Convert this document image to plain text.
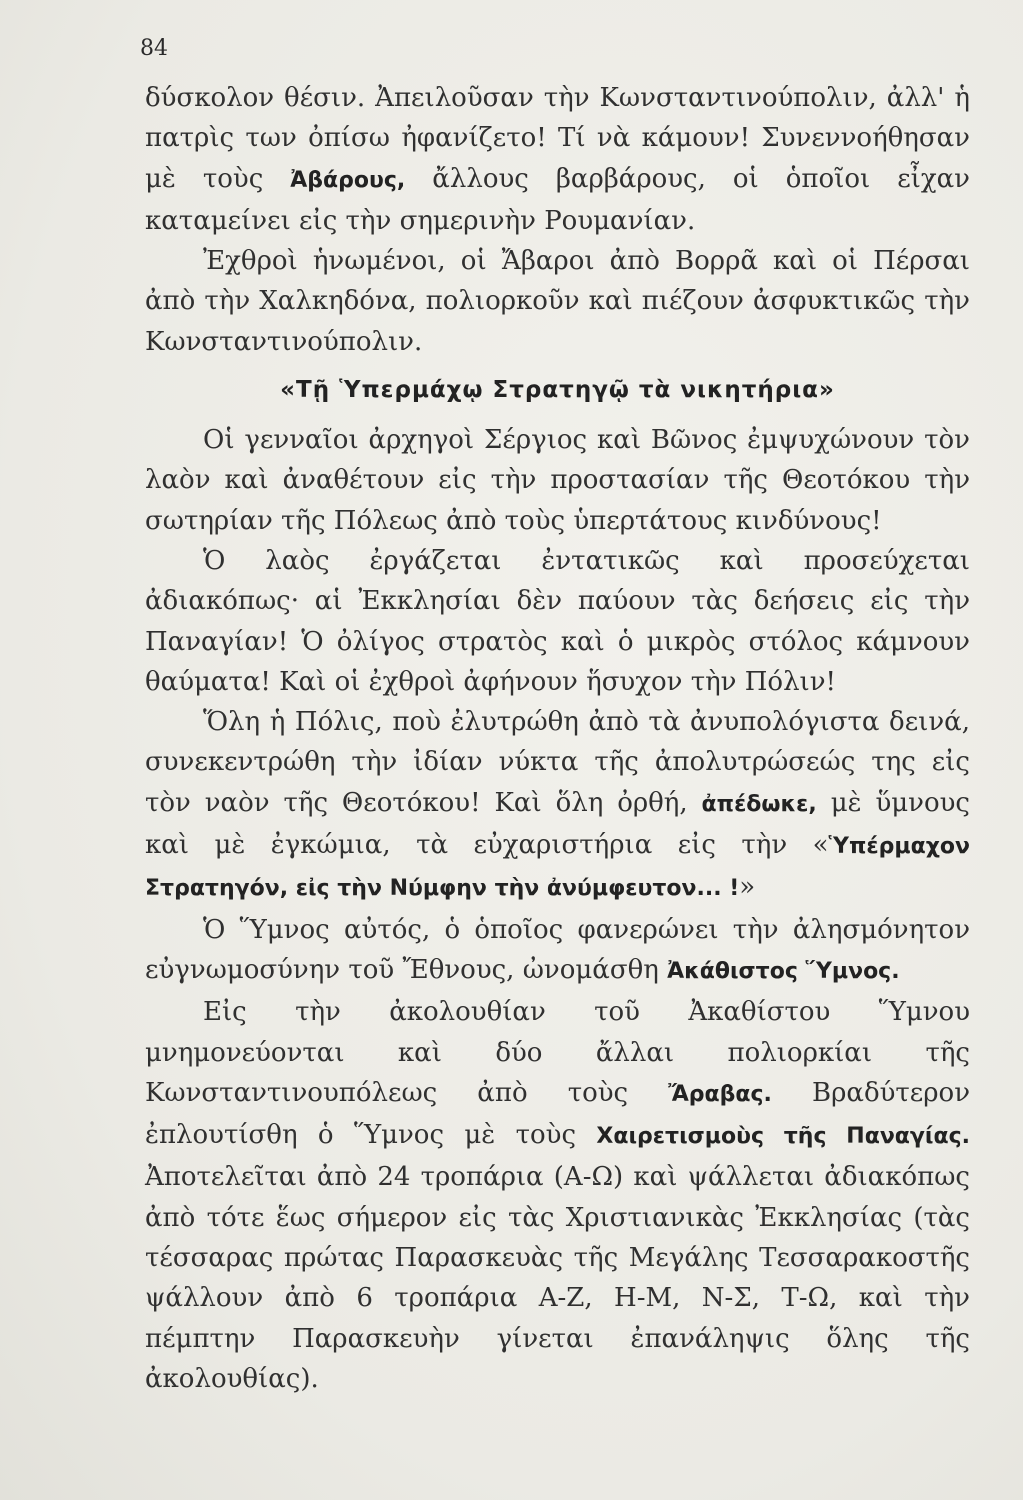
84

δύσκολον θέσιν. Ἀπειλοῦσαν τὴν Κωνσταντινούπολιν, ἀλλ' ἡ πατρὶς των ὀπίσω ἠφανίζετο! Τί νὰ κάμουν! Συνεννοήθησαν μὲ τοὺς Ἀβάρους, ἄλλους βαρβάρους, οἱ ὁποῖοι εἶχαν καταμείνει εἰς τὴν σημερινὴν Ρουμανίαν.

Ἐχθροὶ ἡνωμένοι, οἱ Ἄβαροι ἀπὸ Βορρᾶ καὶ οἱ Πέρσαι ἀπὸ τὴν Χαλκηδόνα, πολιορκοῦν καὶ πιέζουν ἀσφυκτικῶς τὴν Κωνσταντινούπολιν.

«Τῇ Ὑπερμάχῳ Στρατηγῷ τὰ νικητήρια»

Οἱ γενναῖοι ἀρχηγοὶ Σέργιος καὶ Βῶνος ἐμψυχώνουν τὸν λαὸν καὶ ἀναθέτουν εἰς τὴν προστασίαν τῆς Θεοτόκου τὴν σωτηρίαν τῆς Πόλεως ἀπὸ τοὺς ὑπερτάτους κινδύνους!

Ὁ λαὸς ἐργάζεται ἐντατικῶς καὶ προσεύχεται ἀδιακόπως· αἱ Ἐκκλησίαι δὲν παύουν τὰς δεήσεις εἰς τὴν Παναγίαν! Ὁ ὀλίγος στρατὸς καὶ ὁ μικρὸς στόλος κάμνουν θαύματα! Καὶ οἱ ἐχθροὶ ἀφήνουν ἥσυχον τὴν Πόλιν!

Ὅλη ἡ Πόλις, ποὺ ἐλυτρώθη ἀπὸ τὰ ἀνυπολόγιστα δεινά, συνεκεντρώθη τὴν ἰδίαν νύκτα τῆς ἀπολυτρώσεώς της εἰς τὸν ναὸν τῆς Θεοτόκου! Καὶ ὅλη ὀρθή, ἀπέδωκε, μὲ ὕμνους καὶ μὲ ἐγκώμια, τὰ εὐχαριστήρια εἰς τὴν «Ὑπέρμαχον Στρατηγόν, εἰς τὴν Νύμφην τὴν ἀνύμφευτον... !»

Ὁ Ὕμνος αὐτός, ὁ ὁποῖος φανερώνει τὴν ἀλησμόνητον εὐγνωμοσύνην τοῦ Ἔθνους, ὠνομάσθη Ἀκάθιστος Ὕμνος.

Εἰς τὴν ἀκολουθίαν τοῦ Ἀκαθίστου Ὕμνου μνημονεύονται καὶ δύο ἄλλαι πολιορκίαι τῆς Κωνσταντινουπόλεως ἀπὸ τοὺς Ἄραβας. Βραδύτερον ἐπλουτίσθη ὁ Ὕμνος μὲ τοὺς Χαιρετισμοὺς τῆς Παναγίας. Ἀποτελεῖται ἀπὸ 24 τροπάρια (Α-Ω) καὶ ψάλλεται ἀδιακόπως ἀπὸ τότε ἕως σήμερον εἰς τὰς Χριστιανικὰς Ἐκκλησίας (τὰς τέσσαρας πρώτας Παρασκευὰς τῆς Μεγάλης Τεσσαρακοστῆς ψάλλουν ἀπὸ 6 τροπάρια Α-Ζ, Η-Μ, Ν-Σ, Τ-Ω, καὶ τὴν πέμπτην Παρασκευὴν γίνεται ἐπανάληψις ὅλης τῆς ἀκολουθίας).
